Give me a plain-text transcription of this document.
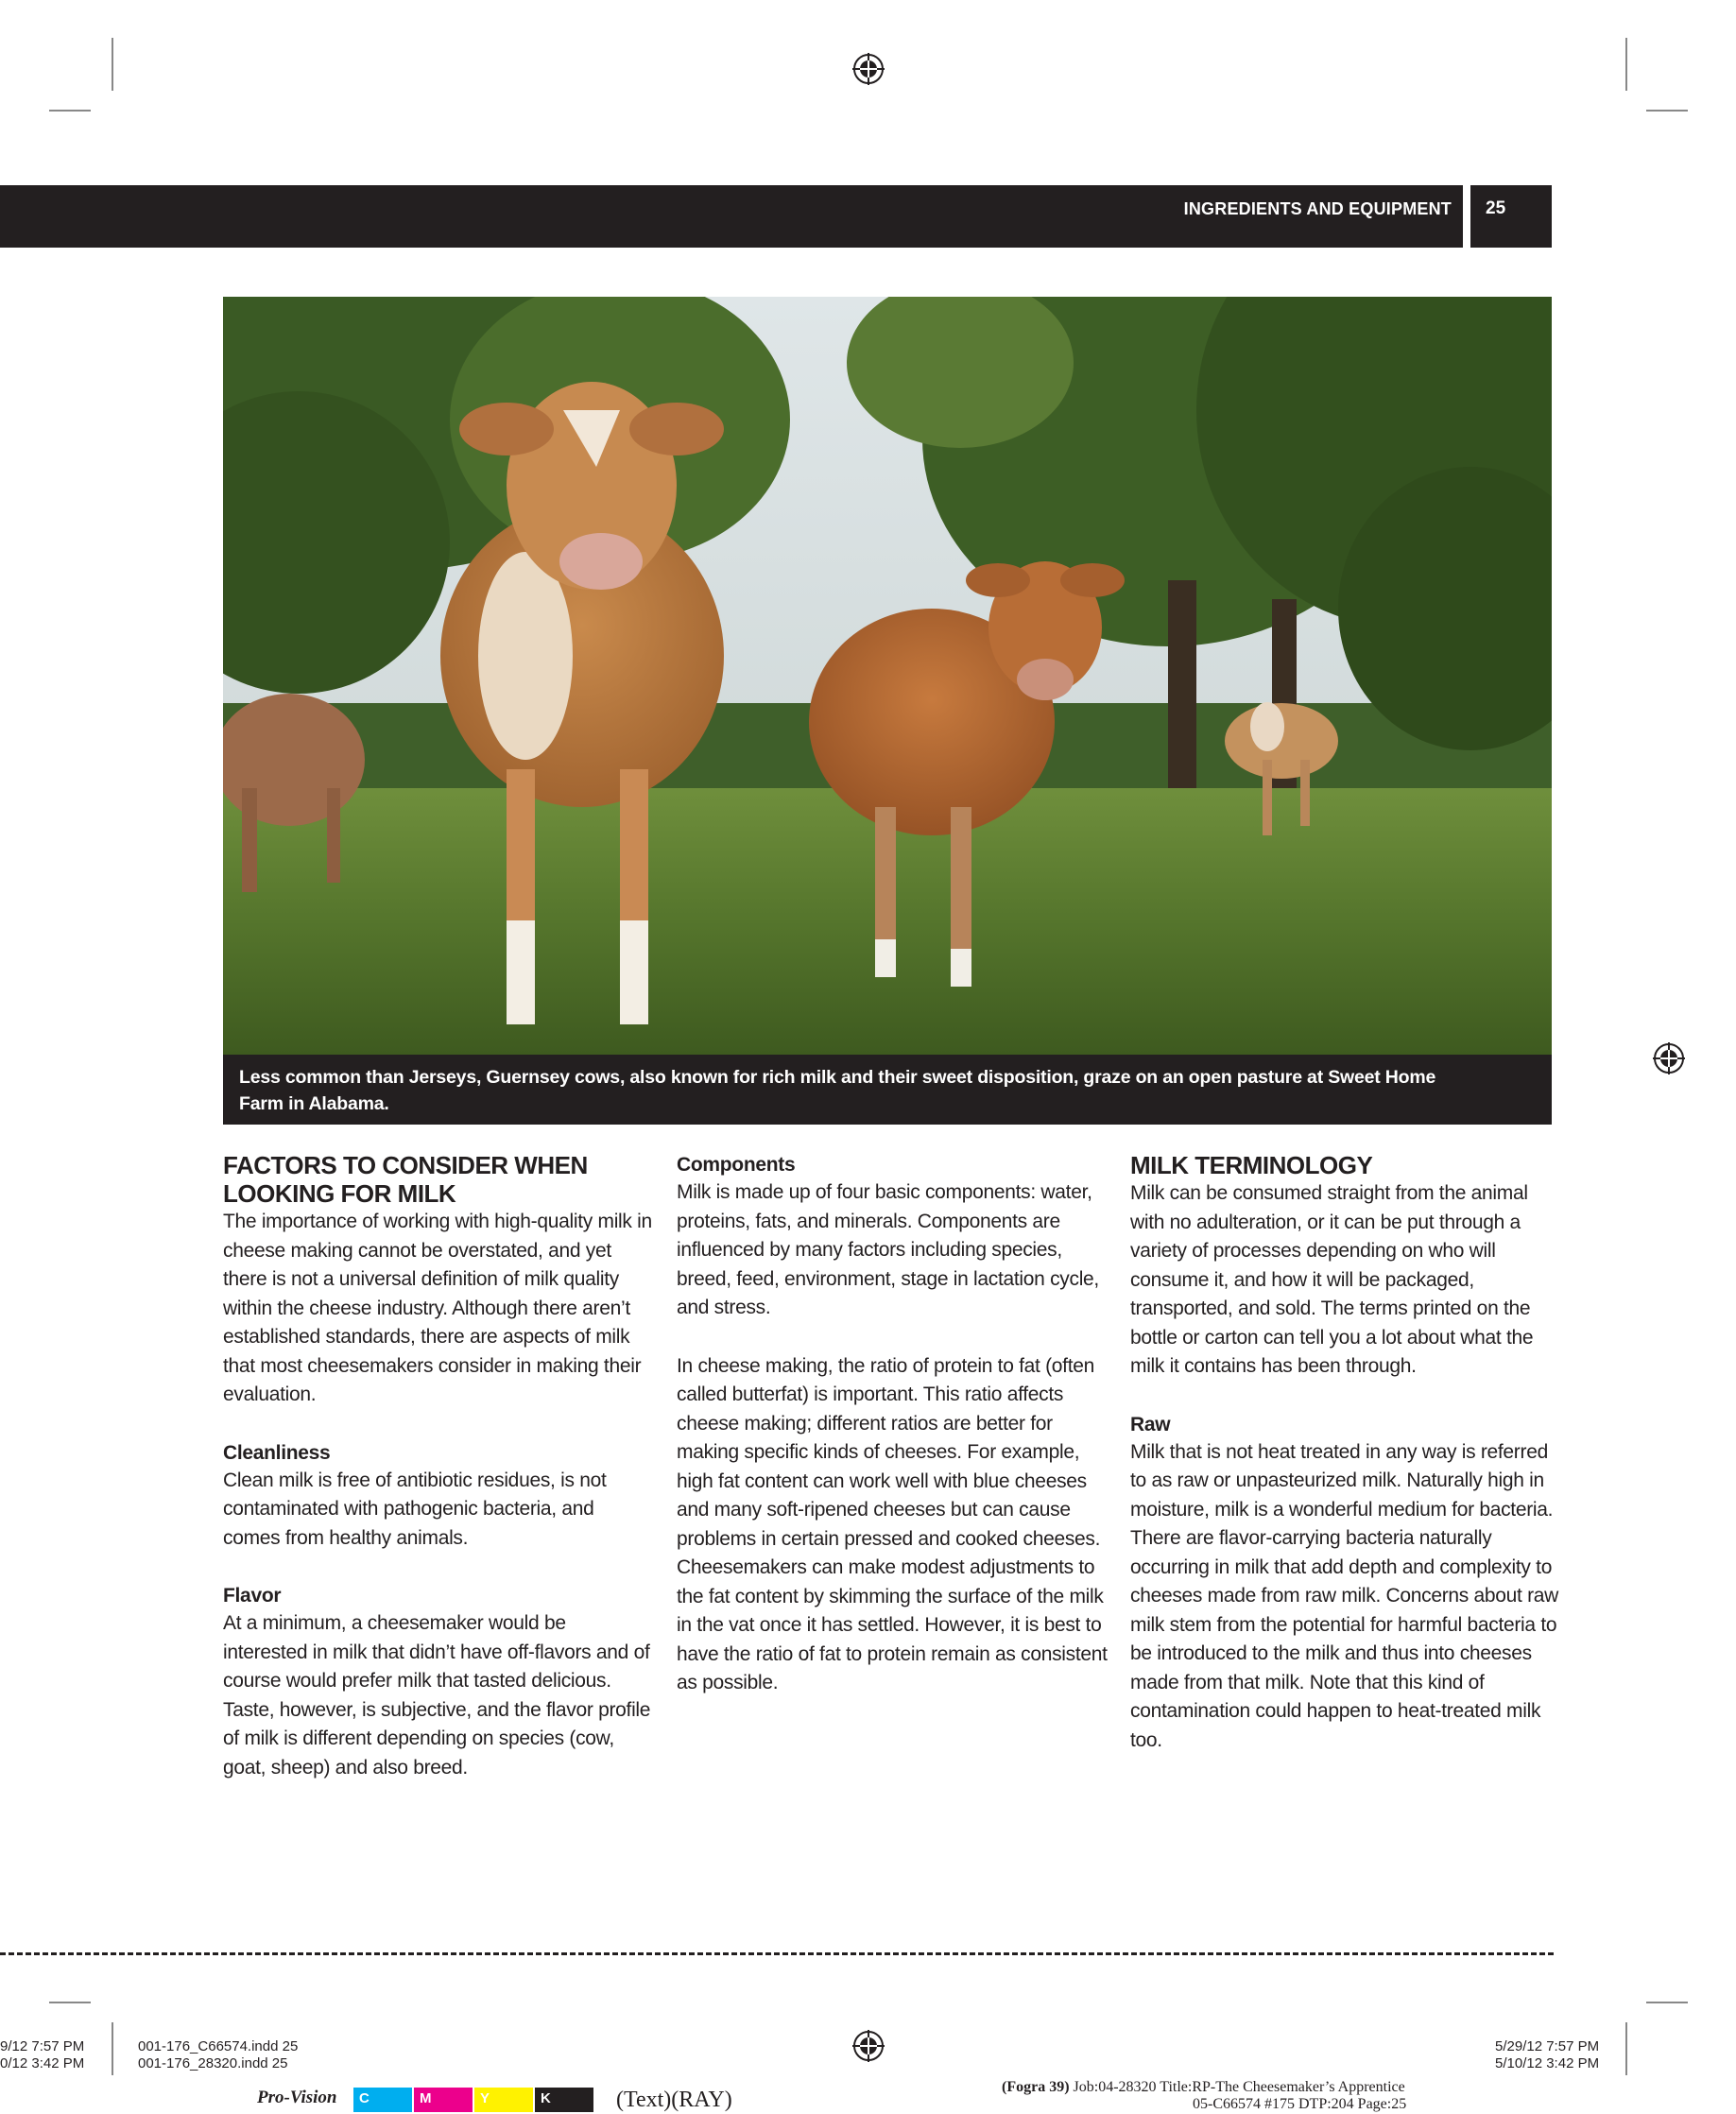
INGREDIENTS AND EQUIPMENT	25
Less common than Jerseys, Guernsey cows, also known for rich milk and their sweet disposition, graze on an open pasture at Sweet Home Farm in Alabama.
FACTORS TO CONSIDER WHEN LOOKING FOR MILK

The importance of working with high-quality milk in cheese making cannot be overstated, and yet there is not a universal definition of milk quality within the cheese industry. Although there aren’t established standards, there are aspects of milk that most cheesemakers consider in making their evaluation.

Cleanliness

Clean milk is free of antibiotic residues, is not contaminated with pathogenic bacteria, and comes from healthy animals.

Flavor

At a minimum, a cheesemaker would be interested in milk that didn’t have off-flavors and of course would prefer milk that tasted delicious. Taste, however, is subjective, and the flavor profile of milk is different depending on species (cow, goat, sheep) and also breed.

Components

Milk is made up of four basic components: water, proteins, fats, and minerals. Components are influenced by many factors including species, breed, feed, environment, stage in lactation cycle, and stress.

In cheese making, the ratio of protein to fat (often called butterfat) is important. This ratio affects cheese making; different ratios are better for making specific kinds of cheeses. For example, high fat content can work well with blue cheeses and many soft-ripened cheeses but can cause problems in certain pressed and cooked cheeses. Cheesemakers can make modest adjustments to the fat content by skimming the surface of the milk in the vat once it has settled. However, it is best to have the ratio of fat to protein remain as consistent as possible.

MILK TERMINOLOGY

Milk can be consumed straight from the animal with no adulteration, or it can be put through a variety of processes depending on who will consume it, and how it will be packaged, transported, and sold. The terms printed on the bottle or carton can tell you a lot about what the milk it contains has been through.

Raw

Milk that is not heat treated in any way is referred to as raw or unpasteurized milk. Naturally high in moisture, milk is a wonderful medium for bacteria. There are flavor-carrying bacteria naturally occurring in milk that add depth and complexity to cheeses made from raw milk. Concerns about raw milk stem from the potential for harmful bacteria to be introduced to the milk and thus into cheeses made from that milk. Note that this kind of contamination could happen to heat-treated milk too.

9/12 7:57 PM
0/12 3:42 PM
001-176_C66574.indd 25
001-176_28320.indd 25
5/29/12 7:57 PM
5/10/12 3:42 PM
Pro-Vision	C	M	Y	K	(Text)(RAY)
(Fogra 39) Job:04-28320 Title:RP-The Cheesemaker’s Apprentice
05-C66574 #175 DTP:204 Page:25
